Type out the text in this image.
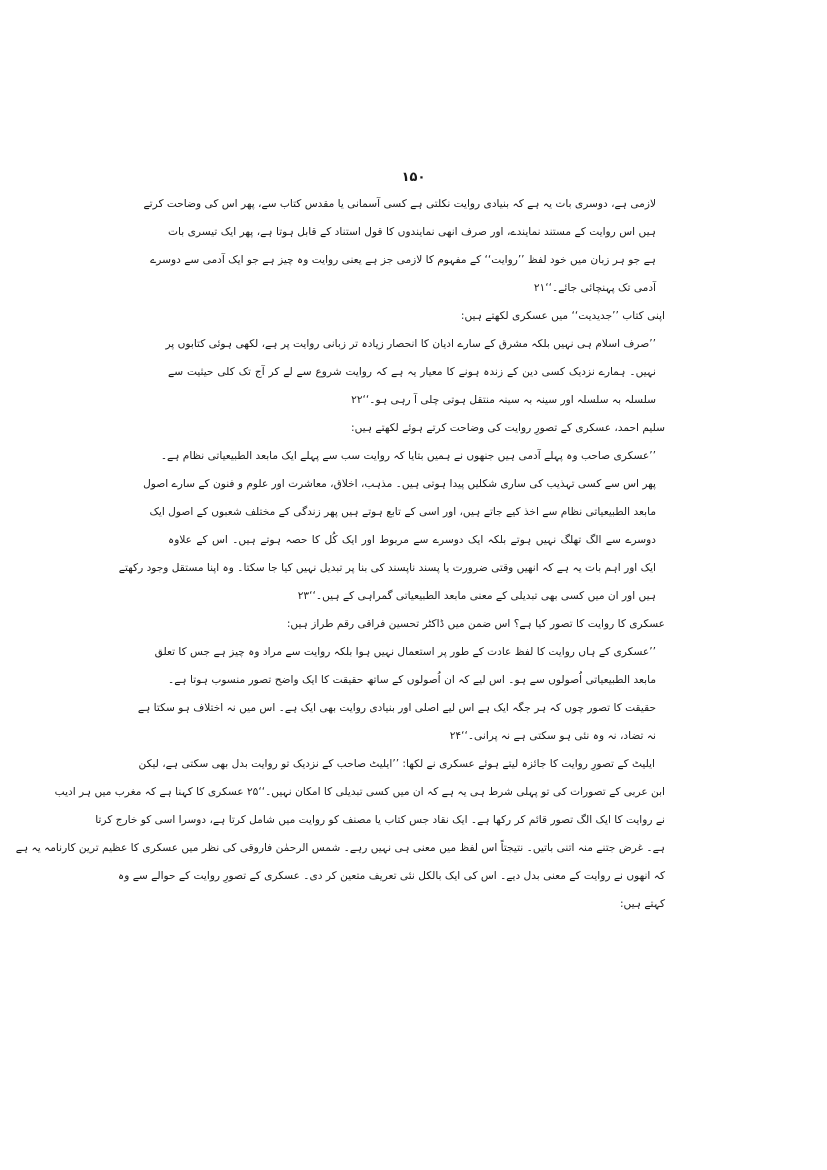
۱۵۰
لازمی ہے، دوسری بات یہ ہے کہ بنیادی روایت نکلتی ہے کسی آسمانی یا مقدس کتاب سے، پھر اس کی وضاحت کرتے
ہیں اس روایت کے مستند نمایندے، اور صرف انھی نمایندوں کا قول استناد کے قابل ہوتا ہے، پھر ایک تیسری بات
ہے جو ہر زبان میں خود لفظ ’’روایت‘‘ کے مفہوم کا لازمی جز ہے یعنی روایت وہ چیز ہے جو ایک آدمی سے دوسرے
آدمی تک پہنچائی جائے۔‘‘۲۱
اپنی کتاب ’’جدیدیت‘‘ میں عسکری لکھتے ہیں:
’’صرف اسلام ہی نہیں بلکہ مشرق کے سارے ادیان کا انحصار زیادہ تر زبانی روایت پر ہے، لکھی ہوئی کتابوں پر
نہیں۔ ہمارے نزدیک کسی دین کے زندہ ہونے کا معیار یہ ہے کہ روایت شروع سے لے کر آج تک کلی حیثیت سے
سلسلہ بہ سلسلہ اور سینہ بہ سینہ منتقل ہوتی چلی آ رہی ہو۔‘‘۲۲
سلیم احمد، عسکری کے تصورِ روایت کی وضاحت کرتے ہوئے لکھتے ہیں:
’’عسکری صاحب وہ پہلے آدمی ہیں جنھوں نے ہمیں بتایا کہ روایت سب سے پہلے ایک مابعد الطبیعیاتی نظام ہے۔
پھر اس سے کسی تہذیب کی ساری شکلیں پیدا ہوتی ہیں۔ مذہب، اخلاق، معاشرت اور علوم و فنون کے سارے اصول
مابعد الطبیعیاتی نظام سے اخذ کیے جاتے ہیں، اور اسی کے تابع ہوتے ہیں پھر زندگی کے مختلف شعبوں کے اصول ایک
دوسرے سے الگ تھلگ نہیں ہوتے بلکہ ایک دوسرے سے مربوط اور ایک کُل کا حصہ ہوتے ہیں۔ اس کے علاوہ
ایک اور اہم بات یہ ہے کہ انھیں وقتی ضرورت یا پسند ناپسند کی بنا پر تبدیل نہیں کیا جا سکتا۔ وہ اپنا مستقل وجود رکھتے
ہیں اور ان میں کسی بھی تبدیلی کے معنی مابعد الطبیعیاتی گمراہی کے ہیں۔‘‘۲۳
عسکری کا روایت کا تصور کیا ہے؟ اس ضمن میں ڈاکٹر تحسین فراقی رقم طراز ہیں:
’’عسکری کے ہاں روایت کا لفظ عادت کے طور پر استعمال نہیں ہوا بلکہ روایت سے مراد وہ چیز ہے جس کا تعلق
مابعد الطبیعیاتی اُصولوں سے ہو۔ اس لیے کہ ان اُصولوں کے ساتھ حقیقت کا ایک واضح تصور منسوب ہوتا ہے۔
حقیقت کا تصور چوں کہ ہر جگہ ایک ہے اس لیے اصلی اور بنیادی روایت بھی ایک ہے۔ اس میں نہ اختلاف ہو سکتا ہے
نہ تضاد، نہ وہ نئی ہو سکتی ہے نہ پرانی۔‘‘۲۴
ایلیٹ کے تصورِ روایت کا جائزہ لیتے ہوئے عسکری نے لکھا: ’’ایلیٹ صاحب کے نزدیک تو روایت بدل بھی سکتی ہے، لیکن
ابن عربی کے تصورات کی تو پہلی شرط ہی یہ ہے کہ ان میں کسی تبدیلی کا امکان نہیں۔‘‘۲۵ عسکری کا کہنا ہے کہ مغرب میں ہر ادیب
نے روایت کا ایک الگ تصور قائم کر رکھا ہے۔ ایک نقاد جس کتاب یا مصنف کو روایت میں شامل کرتا ہے، دوسرا اسی کو خارج کرتا
ہے۔ غرض جتنے منہ اتنی باتیں۔ نتیجتاً اس لفظ میں معنی ہی نہیں رہے۔ شمس الرحمٰن فاروقی کی نظر میں عسکری کا عظیم ترین کارنامہ یہ ہے
کہ انھوں نے روایت کے معنی بدل دیے۔ اس کی ایک بالکل نئی تعریف متعین کر دی۔ عسکری کے تصورِ روایت کے حوالے سے وہ
کہتے ہیں:
